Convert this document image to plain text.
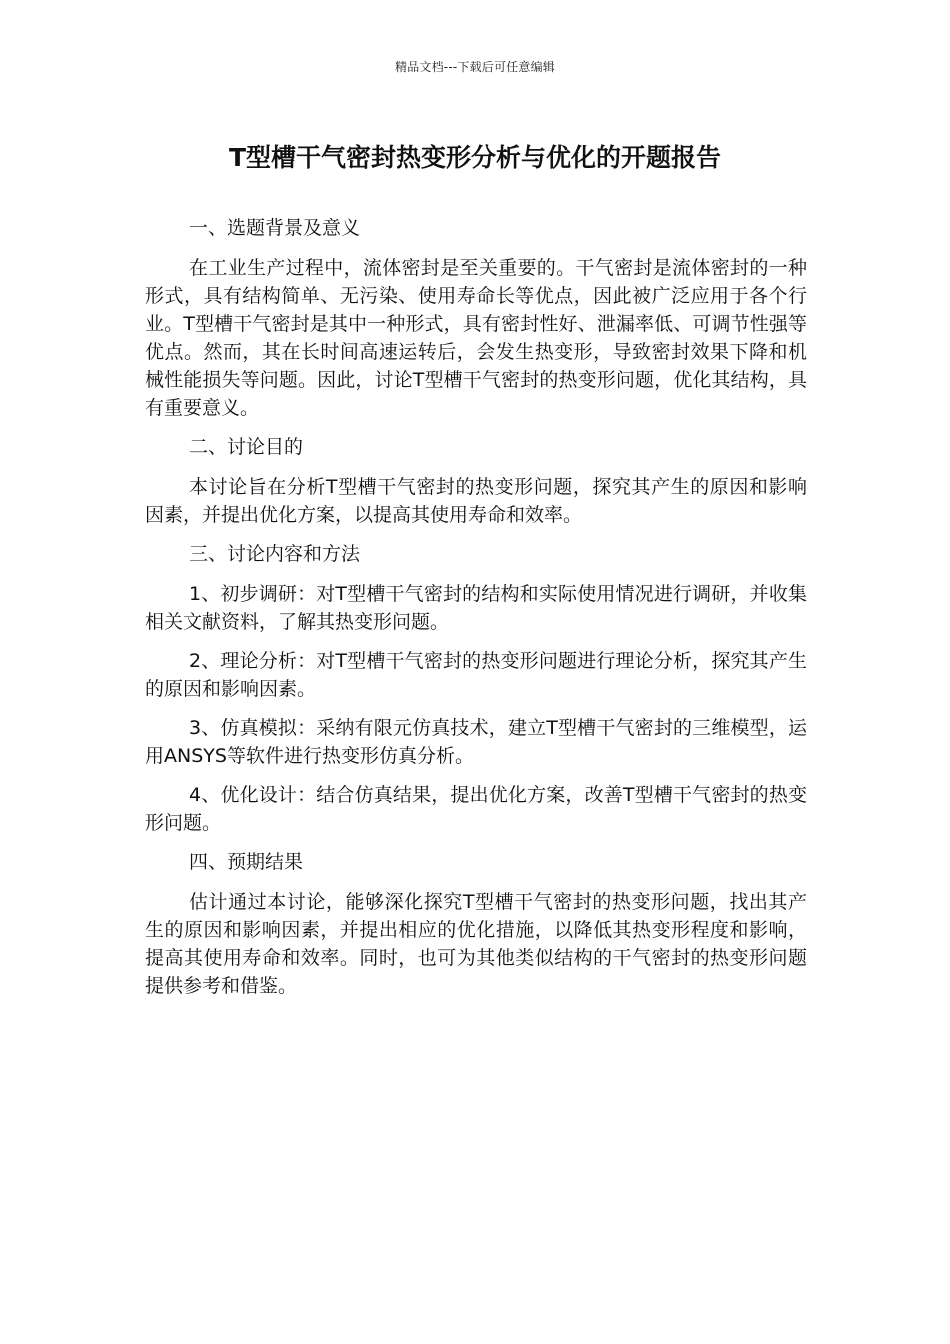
精品文档---下载后可任意编辑
T型槽干气密封热变形分析与优化的开题报告

一、选题背景及意义

在工业生产过程中，流体密封是至关重要的。干气密封是流体密封的一种形式，具有结构简单、无污染、使用寿命长等优点，因此被广泛应用于各个行业。T型槽干气密封是其中一种形式，具有密封性好、泄漏率低、可调节性强等优点。然而，其在长时间高速运转后，会发生热变形，导致密封效果下降和机械性能损失等问题。因此，讨论T型槽干气密封的热变形问题，优化其结构，具有重要意义。

二、讨论目的

本讨论旨在分析T型槽干气密封的热变形问题，探究其产生的原因和影响因素，并提出优化方案，以提高其使用寿命和效率。

三、讨论内容和方法

1、初步调研：对T型槽干气密封的结构和实际使用情况进行调研，并收集相关文献资料，了解其热变形问题。

2、理论分析：对T型槽干气密封的热变形问题进行理论分析，探究其产生的原因和影响因素。

3、仿真模拟：采纳有限元仿真技术，建立T型槽干气密封的三维模型，运用ANSYS等软件进行热变形仿真分析。

4、优化设计：结合仿真结果，提出优化方案，改善T型槽干气密封的热变形问题。

四、预期结果

估计通过本讨论，能够深化探究T型槽干气密封的热变形问题，找出其产生的原因和影响因素，并提出相应的优化措施，以降低其热变形程度和影响，提高其使用寿命和效率。同时，也可为其他类似结构的干气密封的热变形问题提供参考和借鉴。
